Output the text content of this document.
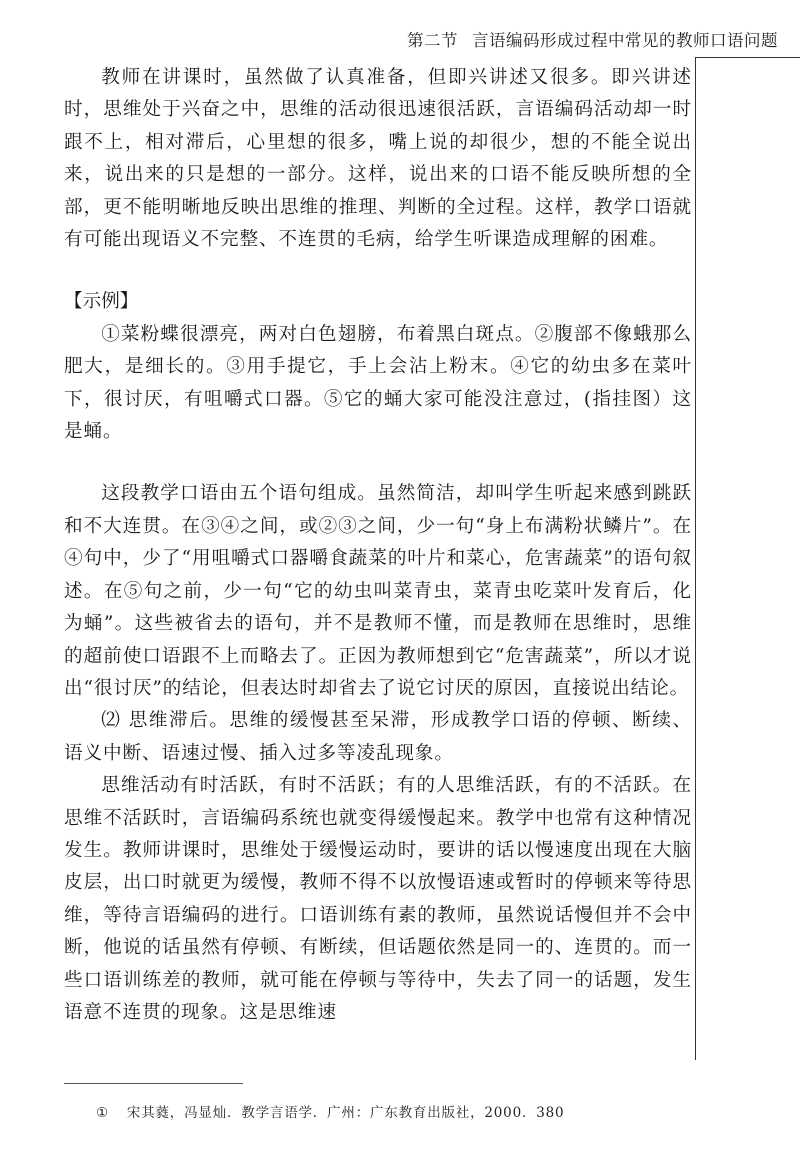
第二节 言语编码形成过程中常见的教师口语问题

教师在讲课时，虽然做了认真准备，但即兴讲述又很多。即兴讲述时，思维处于兴奋之中，思维的活动很迅速很活跃，言语编码活动却一时跟不上，相对滞后，心里想的很多，嘴上说的却很少，想的不能全说出来，说出来的只是想的一部分。这样，说出来的口语不能反映所想的全部，更不能明晰地反映出思维的推理、判断的全过程。这样，教学口语就有可能出现语义不完整、不连贯的毛病，给学生听课造成理解的困难。

【示例】

①菜粉蝶很漂亮，两对白色翅膀，布着黑白斑点。②腹部不像蛾那么肥大，是细长的。③用手提它，手上会沾上粉末。④它的幼虫多在菜叶下，很讨厌，有咀嚼式口器。⑤它的蛹大家可能没注意过，(指挂图）这是蛹。

这段教学口语由五个语句组成。虽然简洁，却叫学生听起来感到跳跃和不大连贯。在③④之间，或②③之间，少一句“身上布满粉状鳞片”。在④句中，少了“用咀嚼式口器嚼食蔬菜的叶片和菜心，危害蔬菜”的语句叙述。在⑤句之前，少一句“它的幼虫叫菜青虫，菜青虫吃菜叶发育后，化为蛹”。这些被省去的语句，并不是教师不懂，而是教师在思维时，思维的超前使口语跟不上而略去了。正因为教师想到它“危害蔬菜”，所以才说出“很讨厌”的结论，但表达时却省去了说它讨厌的原因，直接说出结论。

⑵ 思维滞后。思维的缓慢甚至呆滞，形成教学口语的停顿、断续、语义中断、语速过慢、插入过多等凌乱现象。

思维活动有时活跃，有时不活跃；有的人思维活跃，有的不活跃。在思维不活跃时，言语编码系统也就变得缓慢起来。教学中也常有这种情况发生。教师讲课时，思维处于缓慢运动时，要讲的话以慢速度出现在大脑皮层，出口时就更为缓慢，教师不得不以放慢语速或暂时的停顿来等待思维，等待言语编码的进行。口语训练有素的教师，虽然说话慢但并不会中断，他说的话虽然有停顿、有断续，但话题依然是同一的、连贯的。而一些口语训练差的教师，就可能在停顿与等待中，失去了同一的话题，发生语意不连贯的现象。这是思维速

① 宋其蕤，冯显灿．教学言语学．广州：广东教育出版社，2000．380
